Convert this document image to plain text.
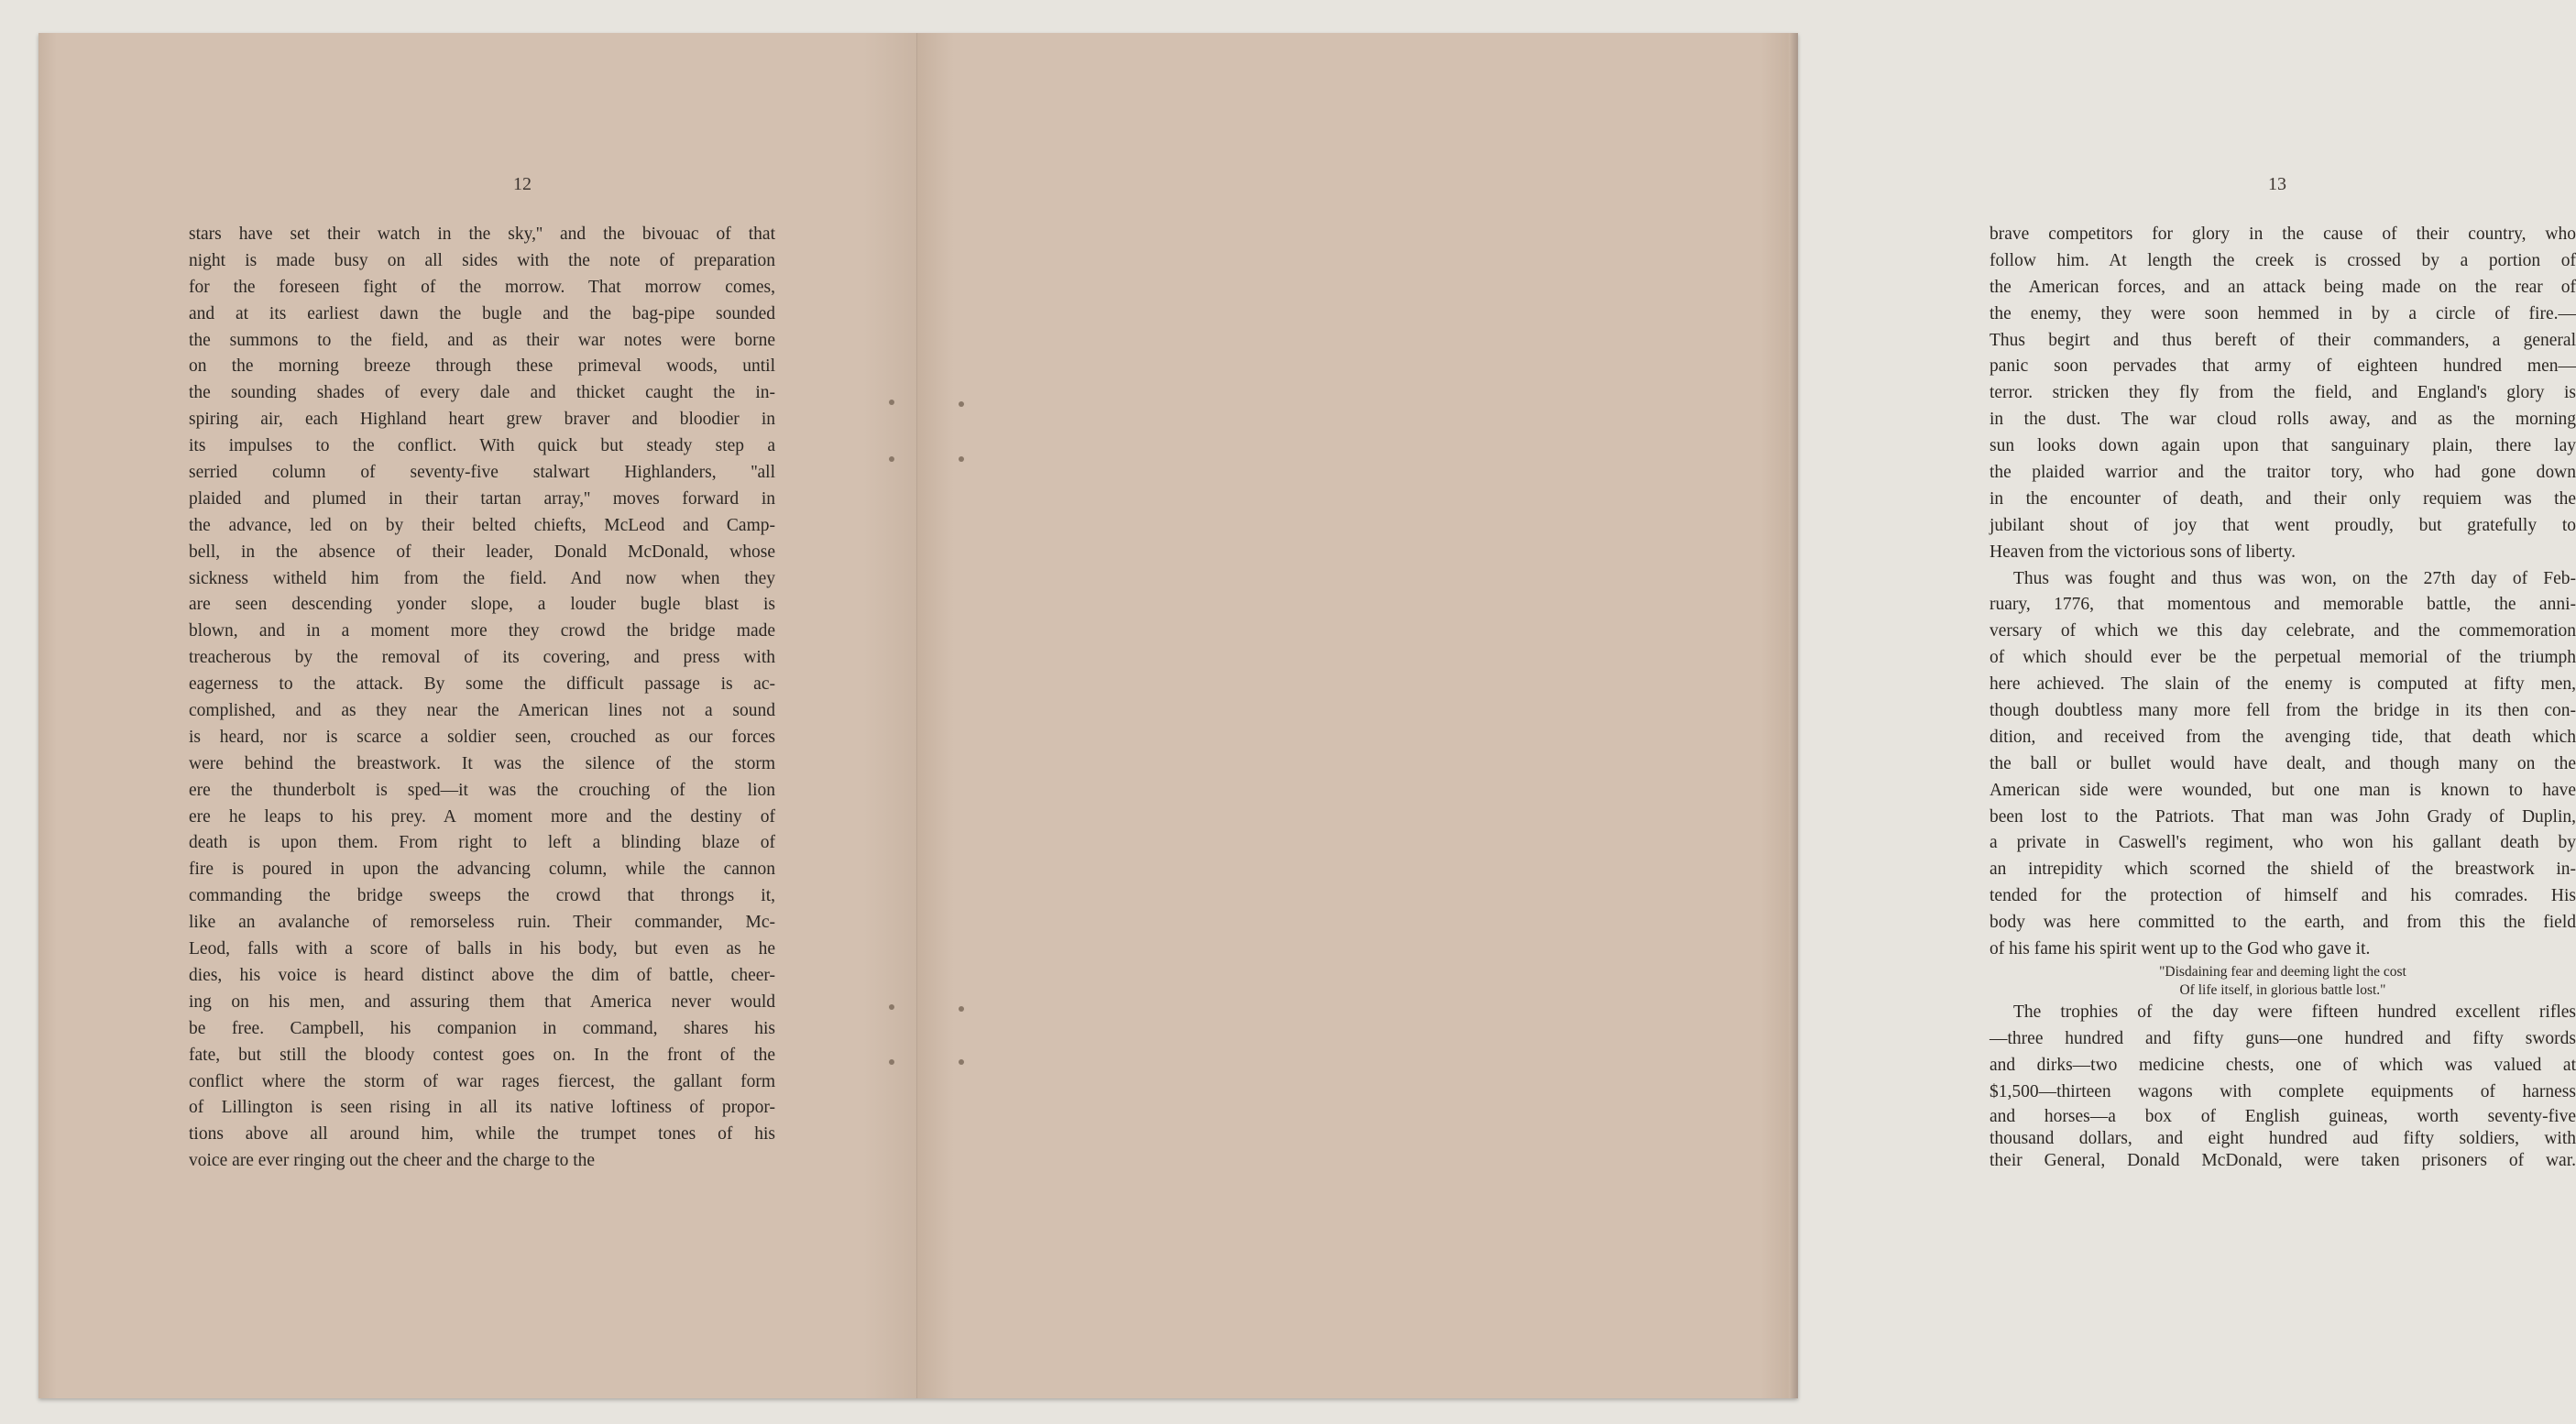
12
stars have set their watch in the sky,'' and the bivouac of that
night is made busy on all sides with the note of preparation
for the foreseen fight of the morrow. That morrow comes,
and at its earliest dawn the bugle and the bag-pipe sounded
the summons to the field, and as their war notes were borne
on the morning breeze through these primeval woods, until
the sounding shades of every dale and thicket caught the in-
spiring air, each Highland heart grew braver and bloodier in
its impulses to the conflict. With quick but steady step a
serried column of seventy-five stalwart Highlanders, ''all
plaided and plumed in their tartan array,'' moves forward in
the advance, led on by their belted chiefts, McLeod and Camp-
bell, in the absence of their leader, Donald McDonald, whose
sickness witheld him from the field. And now when they
are seen descending yonder slope, a louder bugle blast is
blown, and in a moment more they crowd the bridge made
treacherous by the removal of its covering, and press with
eagerness to the attack. By some the difficult passage is ac-
complished, and as they near the American lines not a sound
is heard, nor is scarce a soldier seen, crouched as our forces
were behind the breastwork. It was the silence of the storm
ere the thunderbolt is sped—it was the crouching of the lion
ere he leaps to his prey. A moment more and the destiny of
death is upon them. From right to left a blinding blaze of
fire is poured in upon the advancing column, while the cannon
commanding the bridge sweeps the crowd that throngs it,
like an avalanche of remorseless ruin. Their commander, Mc-
Leod, falls with a score of balls in his body, but even as he
dies, his voice is heard distinct above the dim of battle, cheer-
ing on his men, and assuring them that America never would
be free. Campbell, his companion in command, shares his
fate, but still the bloody contest goes on. In the front of the
conflict where the storm of war rages fiercest, the gallant form
of Lillington is seen rising in all its native loftiness of propor-
tions above all around him, while the trumpet tones of his
voice are ever ringing out the cheer and the charge to the
13
brave competitors for glory in the cause of their country, who
follow him. At length the creek is crossed by a portion of
the American forces, and an attack being made on the rear of
the enemy, they were soon hemmed in by a circle of fire.—
Thus begirt and thus bereft of their commanders, a general
panic soon pervades that army of eighteen hundred men—
terror. stricken they fly from the field, and England's glory is
in the dust. The war cloud rolls away, and as the morning
sun looks down again upon that sanguinary plain, there lay
the plaided warrior and the traitor tory, who had gone down
in the encounter of death, and their only requiem was the
jubilant shout of joy that went proudly, but gratefully to
Heaven from the victorious sons of liberty.
Thus was fought and thus was won, on the 27th day of Feb-
ruary, 1776, that momentous and memorable battle, the anni-
versary of which we this day celebrate, and the commemoration
of which should ever be the perpetual memorial of the triumph
here achieved. The slain of the enemy is computed at fifty men,
though doubtless many more fell from the bridge in its then con-
dition, and received from the avenging tide, that death which
the ball or bullet would have dealt, and though many on the
American side were wounded, but one man is known to have
been lost to the Patriots. That man was John Grady of Duplin,
a private in Caswell's regiment, who won his gallant death by
an intrepidity which scorned the shield of the breastwork in-
tended for the protection of himself and his comrades. His
body was here committed to the earth, and from this the field
of his fame his spirit went up to the God who gave it.
"Disdaining fear and deeming light the cost
Of life itself, in glorious battle lost."
The trophies of the day were fifteen hundred excellent rifles
—three hundred and fifty guns—one hundred and fifty swords
and dirks—two medicine chests, one of which was valued at
$1,500—thirteen wagons with complete equipments of harness
and horses—a box of English guineas, worth seventy-five
thousand dollars, and eight hundred aud fifty soldiers, with
their General, Donald McDonald, were taken prisoners of war.
